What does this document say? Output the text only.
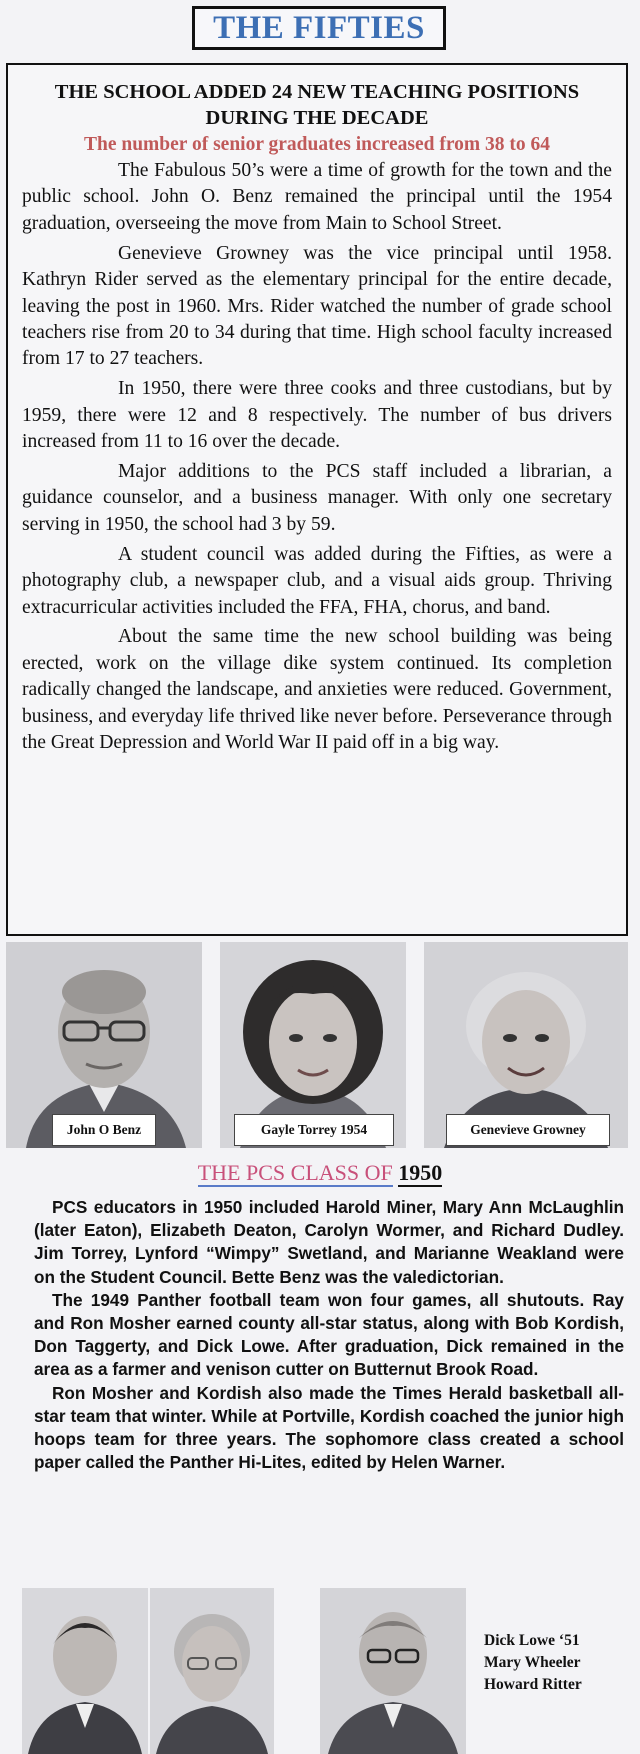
THE FIFTIES
THE SCHOOL ADDED 24 NEW TEACHING POSITIONS DURING THE DECADE
The number of senior graduates increased from 38 to 64

The Fabulous 50’s were a time of growth for the town and the public school. John O. Benz remained the principal until the 1954 graduation, overseeing the move from Main to School Street.

Genevieve Growney was the vice principal until 1958. Kathryn Rider served as the elementary principal for the entire decade, leaving the post in 1960. Mrs. Rider watched the number of grade school teachers rise from 20 to 34 during that time. High school faculty increased from 17 to 27 teachers.

In 1950, there were three cooks and three custodians, but by 1959, there were 12 and 8 respectively. The number of bus drivers increased from 11 to 16 over the decade.

Major additions to the PCS staff included a librarian, a guidance counselor, and a business manager. With only one secretary serving in 1950, the school had 3 by 59.

A student council was added during the Fifties, as were a photography club, a newspaper club, and a visual aids group. Thriving extracurricular activities included the FFA, FHA, chorus, and band.

About the same time the new school building was being erected, work on the village dike system continued. Its completion radically changed the landscape, and anxieties were reduced. Government, business, and everyday life thrived like never before. Perseverance through the Great Depression and World War II paid off in a big way.

John O Benz	Gayle Torrey 1954	Genevieve Growney
THE PCS CLASS OF 1950

PCS educators in 1950 included Harold Miner, Mary Ann McLaughlin (later Eaton), Elizabeth Deaton, Carolyn Wormer, and Richard Dudley. Jim Torrey, Lynford “Wimpy” Swetland, and Marianne Weakland were on the Student Council. Bette Benz was the valedictorian.

The 1949 Panther football team won four games, all shutouts. Ray and Ron Mosher earned county all-star status, along with Bob Kordish, Don Taggerty, and Dick Lowe. After graduation, Dick remained in the area as a farmer and venison cutter on Butternut Brook Road.

Ron Mosher and Kordish also made the Times Herald basketball all-star team that winter. While at Portville, Kordish coached the junior high hoops team for three years. The sophomore class created a school paper called the Panther Hi-Lites, edited by Helen Warner.

Dick Lowe ‘51
Mary Wheeler
Howard Ritter
